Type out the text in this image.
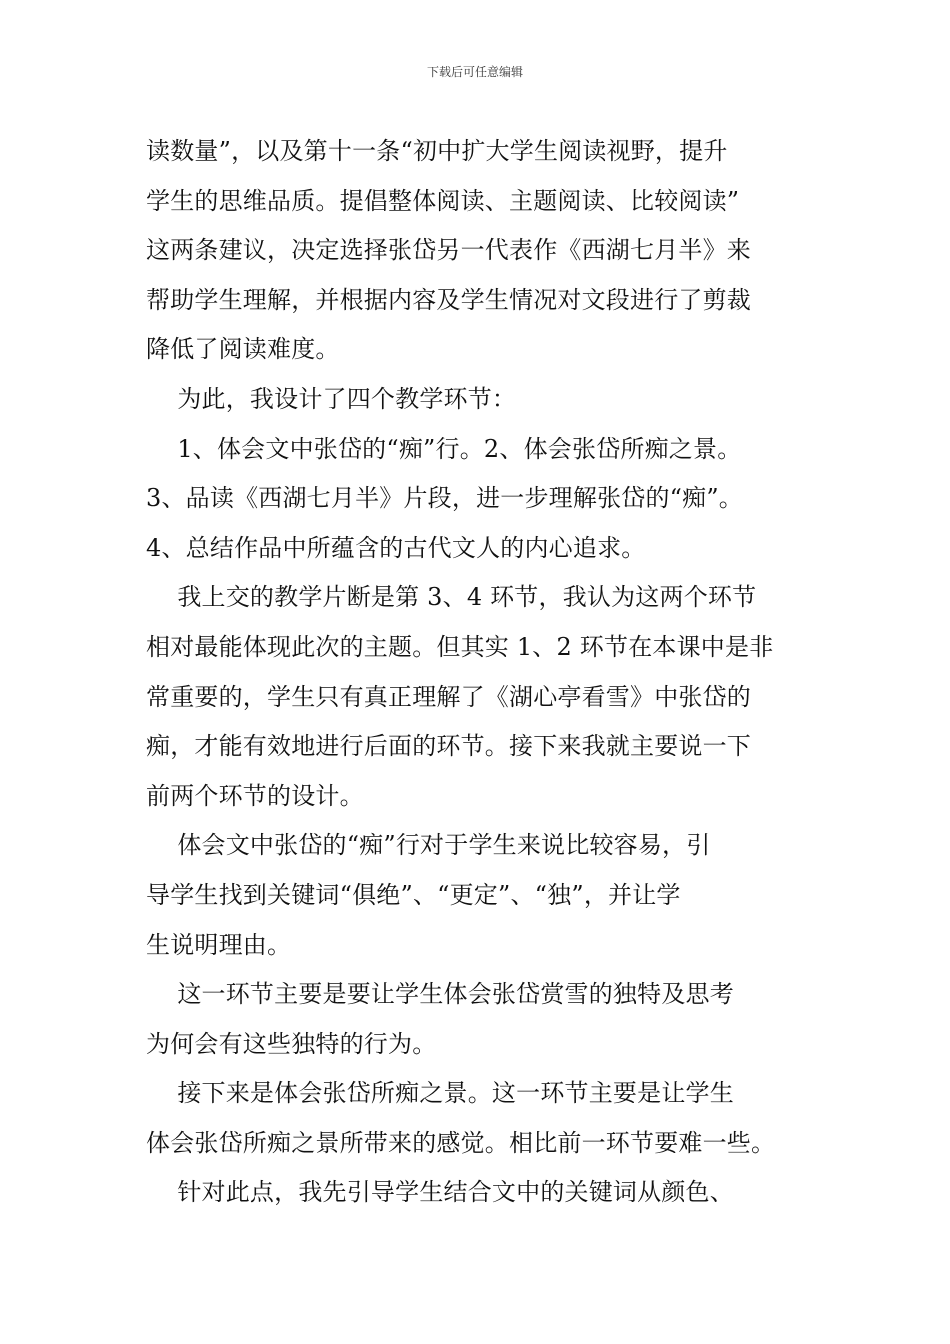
下载后可任意编辑
读数量”，以及第十一条“初中扩大学生阅读视野，提升
学生的思维品质。提倡整体阅读、主题阅读、比较阅读”
这两条建议，决定选择张岱另一代表作《西湖七月半》来
帮助学生理解，并根据内容及学生情况对文段进行了剪裁
降低了阅读难度。
为此，我设计了四个教学环节：
1、体会文中张岱的“痴”行。2、体会张岱所痴之景。
3、品读《西湖七月半》片段，进一步理解张岱的“痴”。
4、总结作品中所蕴含的古代文人的内心追求。
我上交的教学片断是第 3、4 环节，我认为这两个环节
相对最能体现此次的主题。但其实 1、2 环节在本课中是非
常重要的，学生只有真正理解了《湖心亭看雪》中张岱的
痴，才能有效地进行后面的环节。接下来我就主要说一下
前两个环节的设计。
体会文中张岱的“痴”行对于学生来说比较容易，引
导学生找到关键词“俱绝”、“更定”、“独”，并让学
生说明理由。
这一环节主要是要让学生体会张岱赏雪的独特及思考
为何会有这些独特的行为。
接下来是体会张岱所痴之景。这一环节主要是让学生
体会张岱所痴之景所带来的感觉。相比前一环节要难一些。
针对此点，我先引导学生结合文中的关键词从颜色、
